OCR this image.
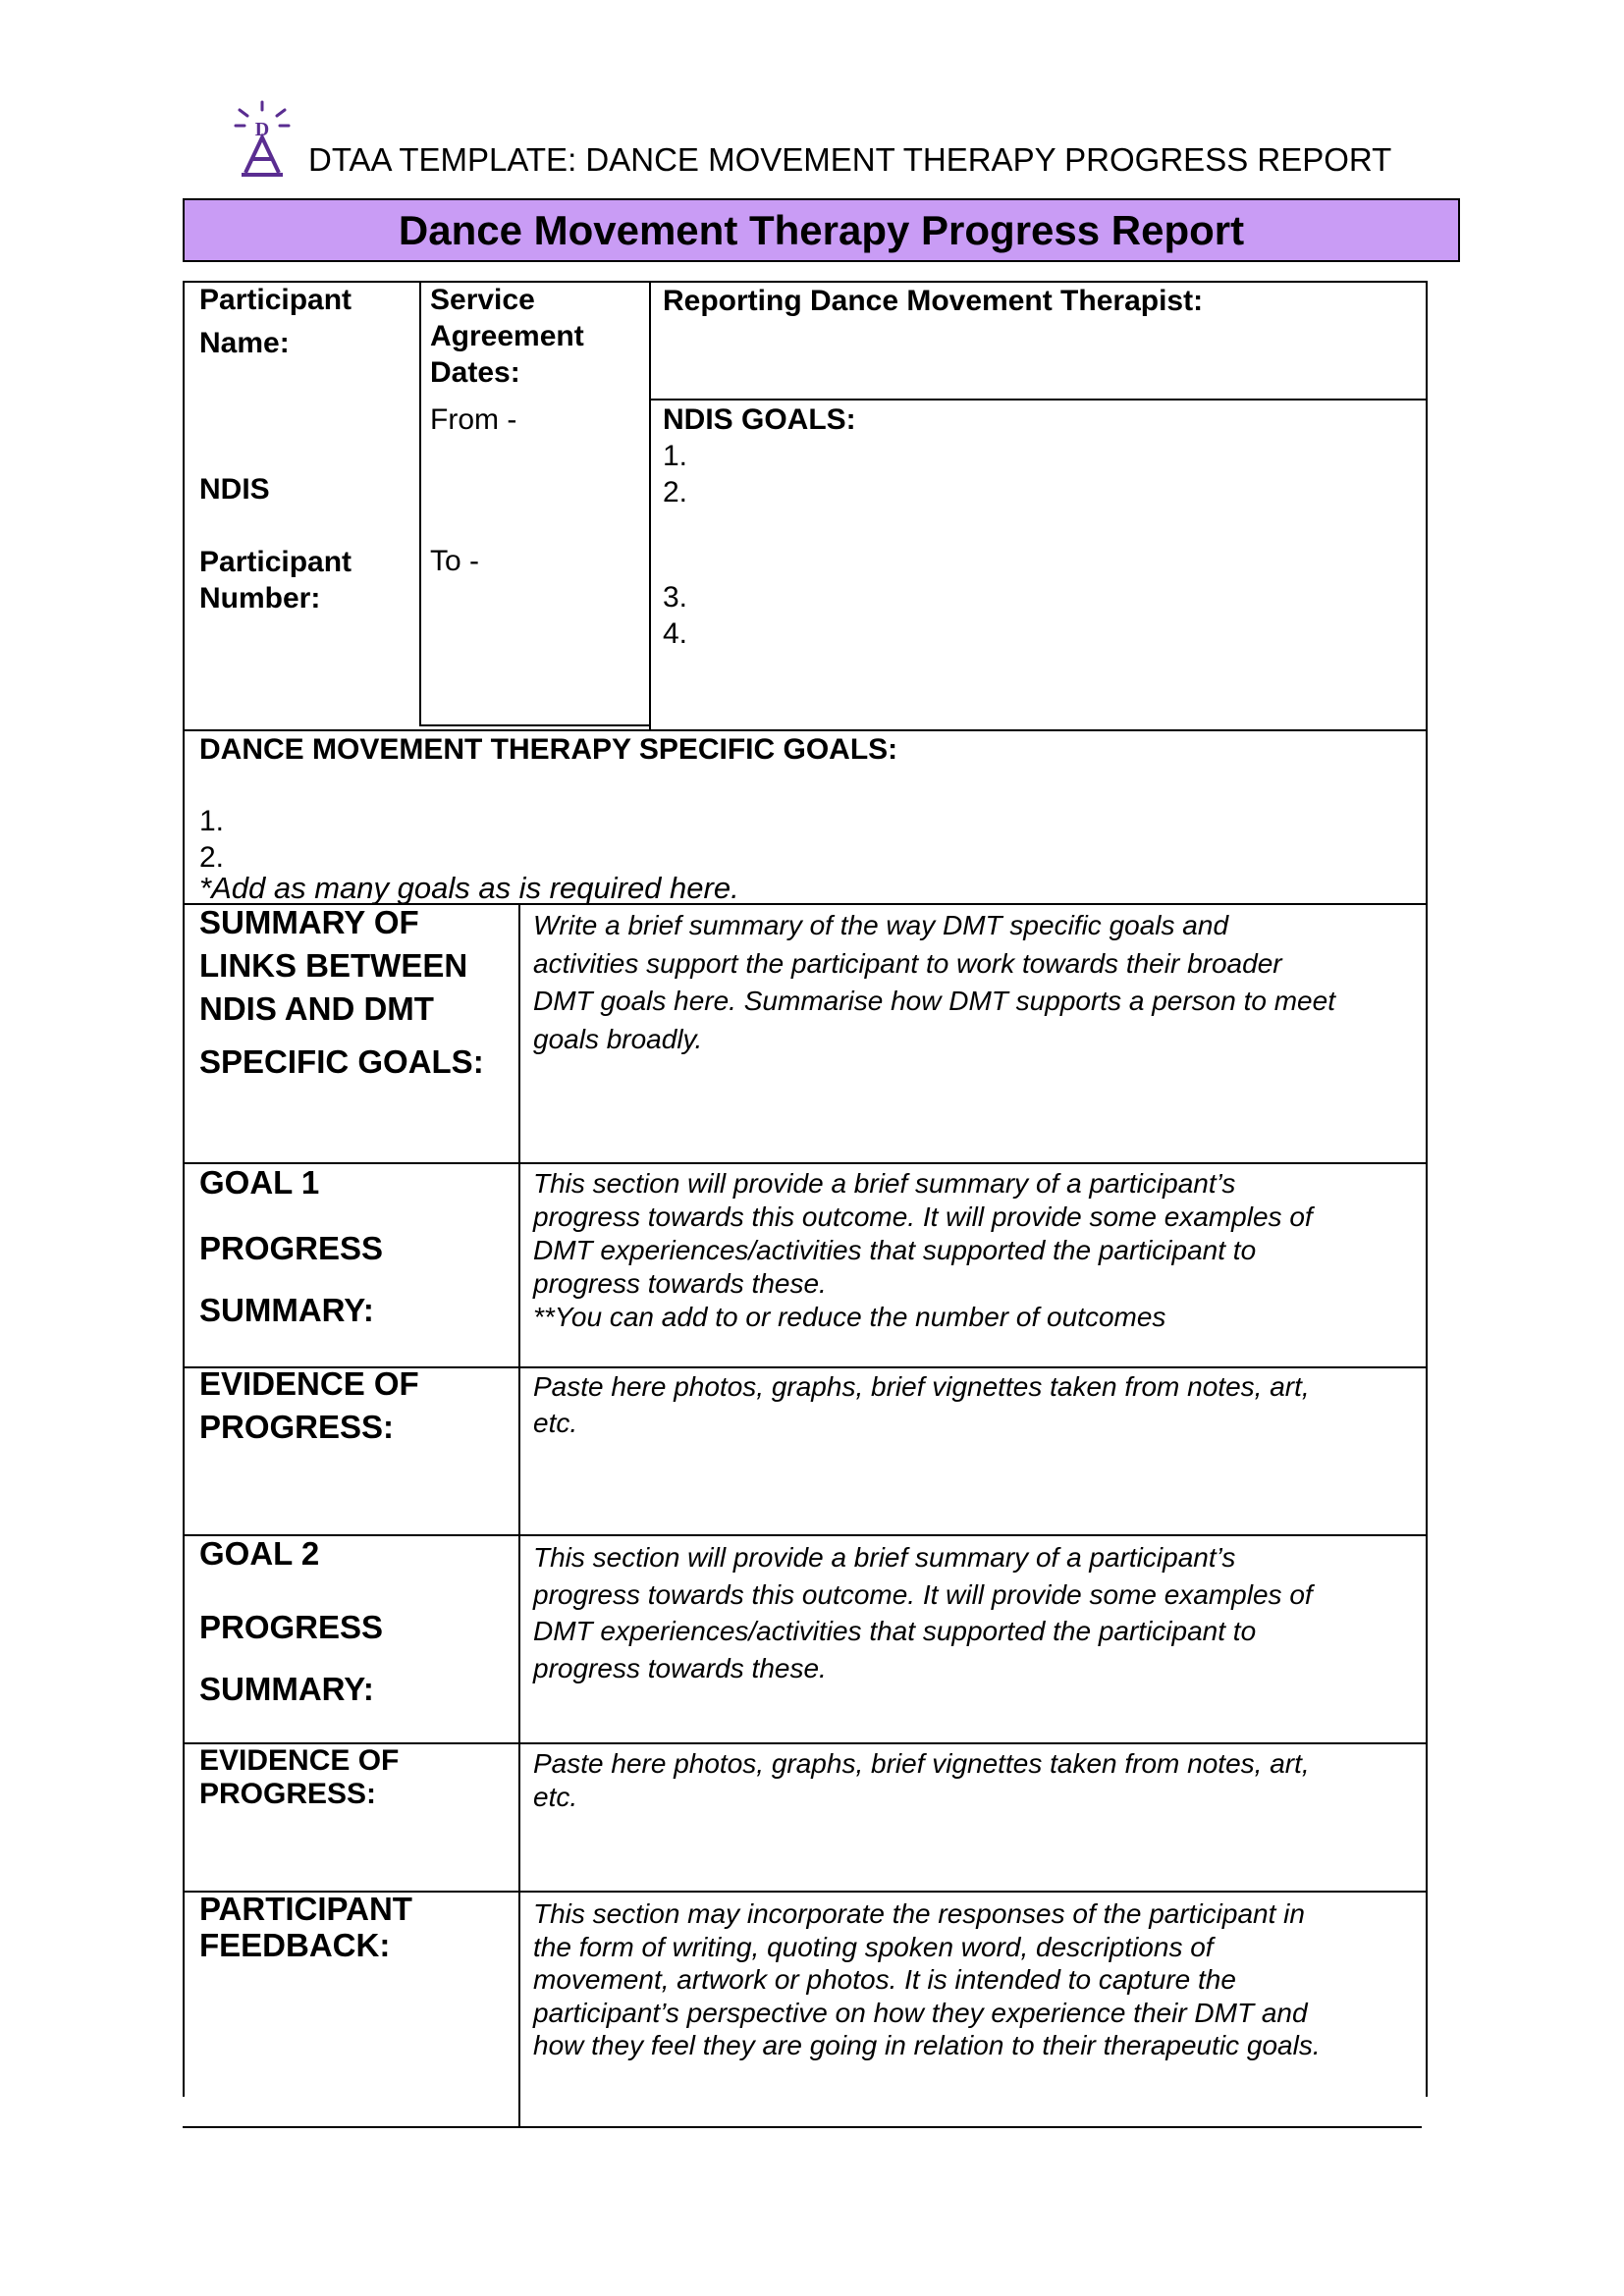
D
DTAA TEMPLATE: DANCE MOVEMENT THERAPY PROGRESS REPORT
Dance Movement Therapy Progress Report
Participant
Name:
NDIS
Participant
Number:
Service
Agreement
Dates:
From -
To -
Reporting Dance Movement Therapist:
NDIS GOALS:
1.
2.
3.
4.
DANCE MOVEMENT THERAPY SPECIFIC GOALS:
1.
2.
*Add as many goals as is required here.
SUMMARY OF
LINKS BETWEEN
NDIS AND DMT
SPECIFIC GOALS:
Write a brief summary of the way DMT specific goals and
activities support the participant to work towards their broader
DMT goals here. Summarise how DMT supports a person to meet
goals broadly.
GOAL 1
PROGRESS
SUMMARY:
This section will provide a brief summary of a participant’s
progress towards this outcome. It will provide some examples of
DMT experiences/activities that supported the participant to
progress towards these.
**You can add to or reduce the number of outcomes
EVIDENCE OF
PROGRESS:
Paste here photos, graphs, brief vignettes taken from notes, art,
etc.
GOAL 2
PROGRESS
SUMMARY:
This section will provide a brief summary of a participant’s
progress towards this outcome. It will provide some examples of
DMT experiences/activities that supported the participant to
progress towards these.
EVIDENCE OF
PROGRESS:
Paste here photos, graphs, brief vignettes taken from notes, art,
etc.
PARTICIPANT
FEEDBACK:
This section may incorporate the responses of the participant in
the form of writing, quoting spoken word, descriptions of
movement, artwork or photos. It is intended to capture the
participant’s perspective on how they experience their DMT and
how they feel they are going in relation to their therapeutic goals.
